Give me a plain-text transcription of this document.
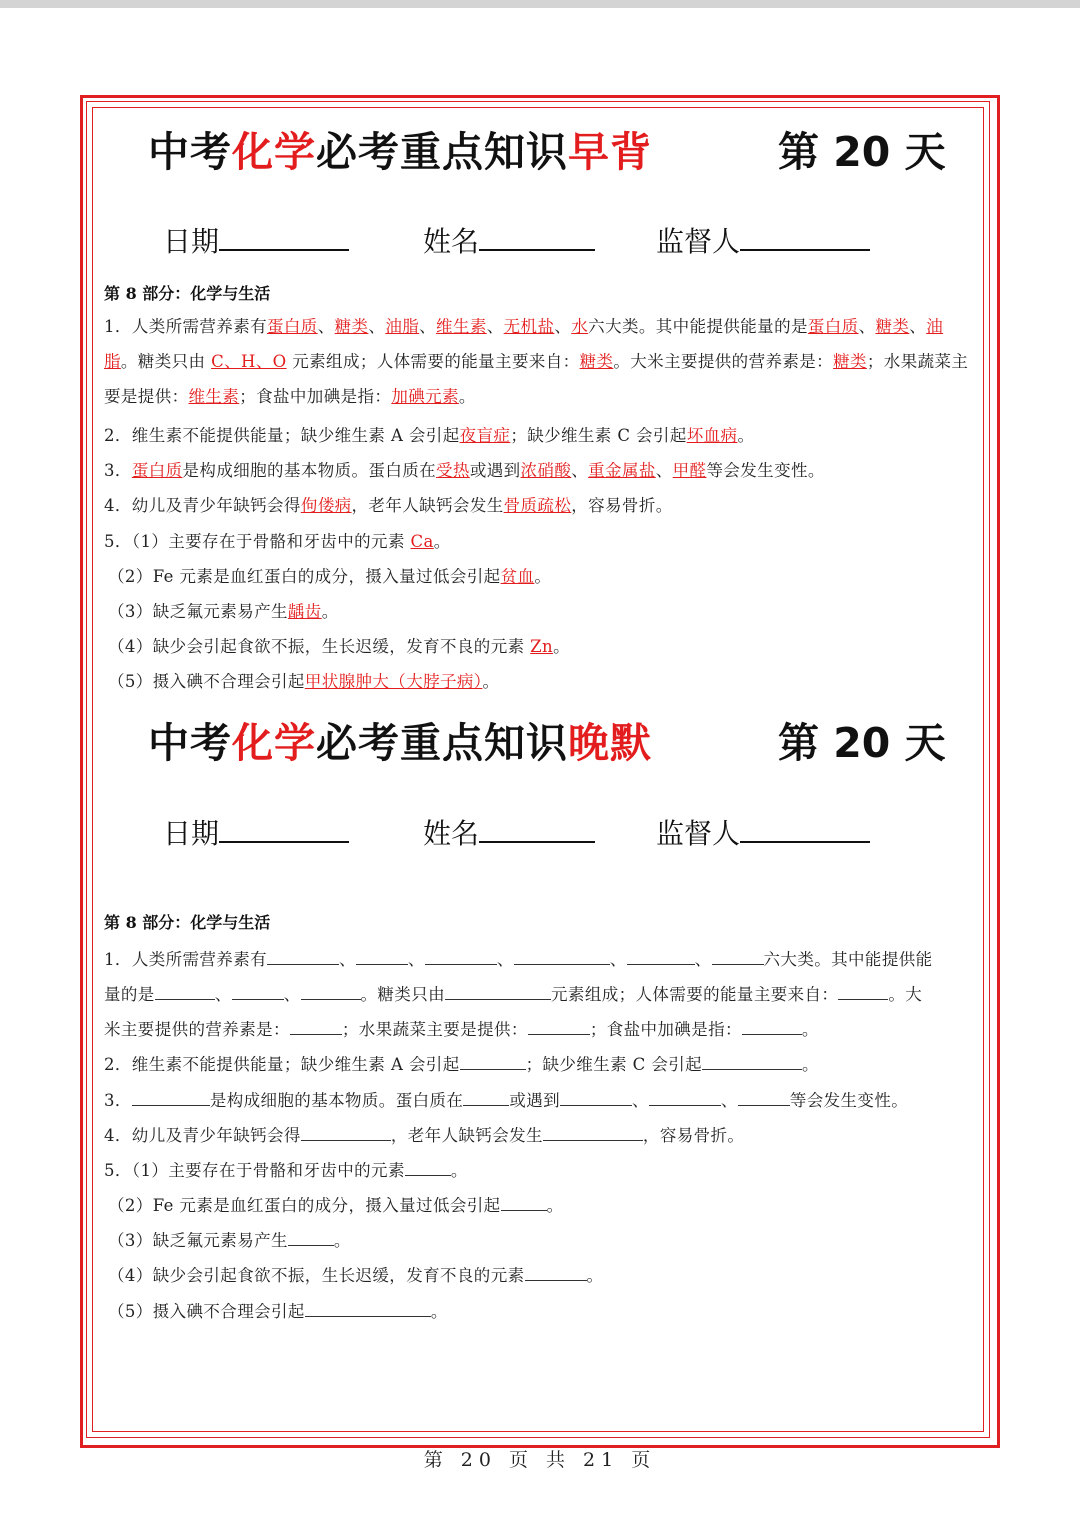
中考化学必考重点知识早背	第 20 天
日期	姓名	监督人
第 8 部分：化学与生活
1．人类所需营养素有蛋白质、糖类、油脂、维生素、无机盐、水六大类。其中能提供能量的是蛋白质、糖类、油脂。糖类只由 C、H、O 元素组成；人体需要的能量主要来自：糖类。大米主要提供的营养素是：糖类；水果蔬菜主要是提供：维生素；食盐中加碘是指：加碘元素。
2．维生素不能提供能量；缺少维生素 A 会引起夜盲症；缺少维生素 C 会引起坏血病。
3．蛋白质是构成细胞的基本物质。蛋白质在受热或遇到浓硝酸、重金属盐、甲醛等会发生变性。
4．幼儿及青少年缺钙会得佝偻病，老年人缺钙会发生骨质疏松，容易骨折。
5．（1）主要存在于骨骼和牙齿中的元素 Ca。
（2）Fe 元素是血红蛋白的成分，摄入量过低会引起贫血。
（3）缺乏氟元素易产生龋齿。
（4）缺少会引起食欲不振，生长迟缓，发育不良的元素 Zn。
（5）摄入碘不合理会引起甲状腺肿大（大脖子病）。
中考化学必考重点知识晚默	第 20 天
日期	姓名	监督人
第 8 部分：化学与生活
1．人类所需营养素有	、	、	、	、	、	六大类。其中能提供能
量的是	、	、	。糖类只由	元素组成；人体需要的能量主要来自：	。大
米主要提供的营养素是：	；水果蔬菜主要是提供：	；食盐中加碘是指：	。
2．维生素不能提供能量；缺少维生素 A 会引起	；缺少维生素 C 会引起	。
3．	是构成细胞的基本物质。蛋白质在	或遇到	、	、	等会发生变性。
4．幼儿及青少年缺钙会得	，老年人缺钙会发生	，容易骨折。
5．（1）主要存在于骨骼和牙齿中的元素	。
（2）Fe 元素是血红蛋白的成分，摄入量过低会引起	。
（3）缺乏氟元素易产生	。
（4）缺少会引起食欲不振，生长迟缓，发育不良的元素	。
（5）摄入碘不合理会引起	。
第 20 页 共 21 页
